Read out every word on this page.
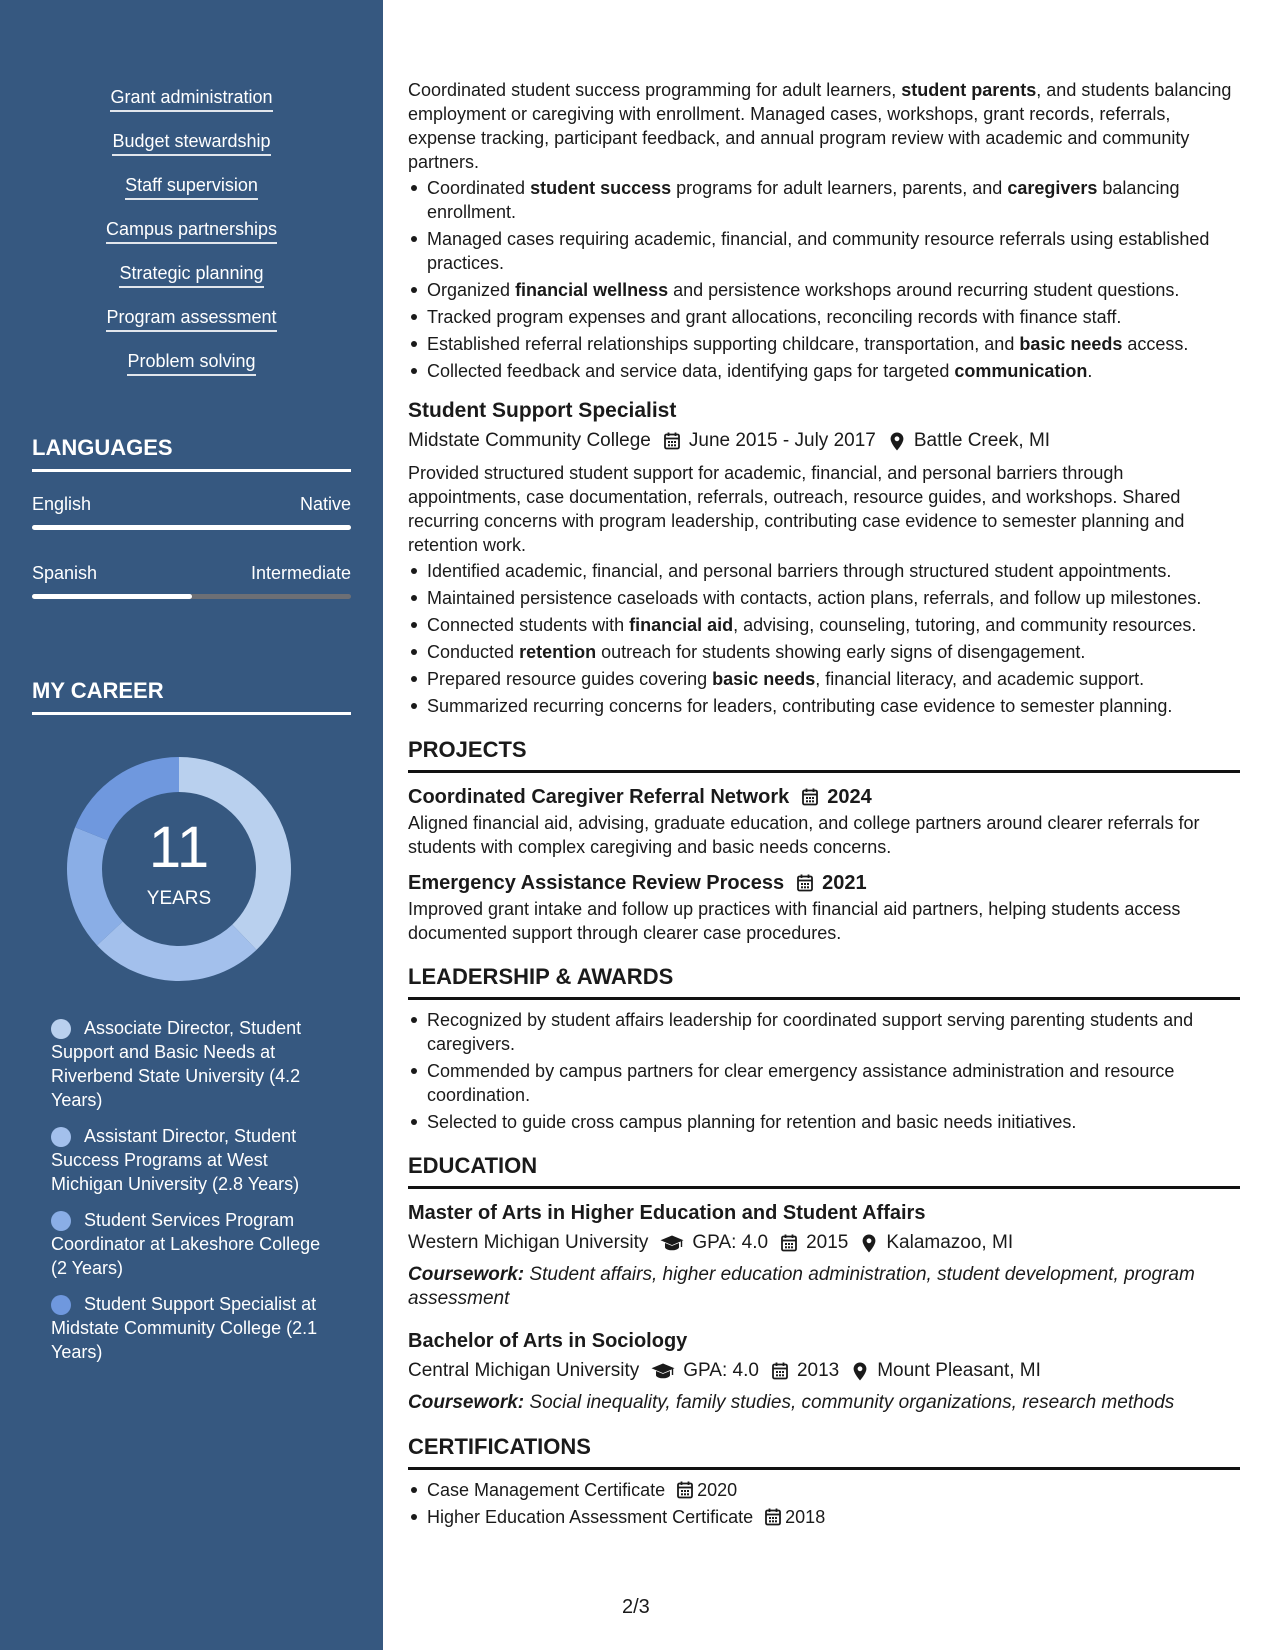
Grant administration
Budget stewardship
Staff supervision
Campus partnerships
Strategic planning
Program assessment
Problem solving
LANGUAGES
English	Native
Spanish	Intermediate
MY CAREER
11
YEARS
Associate Director, Student Support and Basic Needs at Riverbend State University (4.2 Years)
Assistant Director, Student Success Programs at West Michigan University (2.8 Years)
Student Services Program Coordinator at Lakeshore College (2 Years)
Student Support Specialist at Midstate Community College (2.1 Years)

Coordinated student success programming for adult learners, student parents, and students balancing employment or caregiving with enrollment. Managed cases, workshops, grant records, referrals, expense tracking, participant feedback, and annual program review with academic and community partners.

Coordinated student success programs for adult learners, parents, and caregivers balancing enrollment.
Managed cases requiring academic, financial, and community resource referrals using established practices.
Organized financial wellness and persistence workshops around recurring student questions.
Tracked program expenses and grant allocations, reconciling records with finance staff.
Established referral relationships supporting childcare, transportation, and basic needs access.
Collected feedback and service data, identifying gaps for targeted communication.
Student Support Specialist
Midstate Community College June 2015 - July 2017 Battle Creek, MI

Provided structured student support for academic, financial, and personal barriers through appointments, case documentation, referrals, outreach, resource guides, and workshops. Shared recurring concerns with program leadership, contributing case evidence to semester planning and retention work.

Identified academic, financial, and personal barriers through structured student appointments.
Maintained persistence caseloads with contacts, action plans, referrals, and follow up milestones.
Connected students with financial aid, advising, counseling, tutoring, and community resources.
Conducted retention outreach for students showing early signs of disengagement.
Prepared resource guides covering basic needs, financial literacy, and academic support.
Summarized recurring concerns for leaders, contributing case evidence to semester planning.
PROJECTS
Coordinated Caregiver Referral Network 2024

Aligned financial aid, advising, graduate education, and college partners around clearer referrals for students with complex caregiving and basic needs concerns.

Emergency Assistance Review Process 2021

Improved grant intake and follow up practices with financial aid partners, helping students access documented support through clearer case procedures.

LEADERSHIP & AWARDS
Recognized by student affairs leadership for coordinated support serving parenting students and caregivers.
Commended by campus partners for clear emergency assistance administration and resource coordination.
Selected to guide cross campus planning for retention and basic needs initiatives.
EDUCATION
Master of Arts in Higher Education and Student Affairs
Western Michigan University GPA: 4.0 2015 Kalamazoo, MI

Coursework: Student affairs, higher education administration, student development, program assessment

Bachelor of Arts in Sociology
Central Michigan University GPA: 4.0 2013 Mount Pleasant, MI

Coursework: Social inequality, family studies, community organizations, research methods

CERTIFICATIONS
Case Management Certificate 2020
Higher Education Assessment Certificate 2018
2/3
